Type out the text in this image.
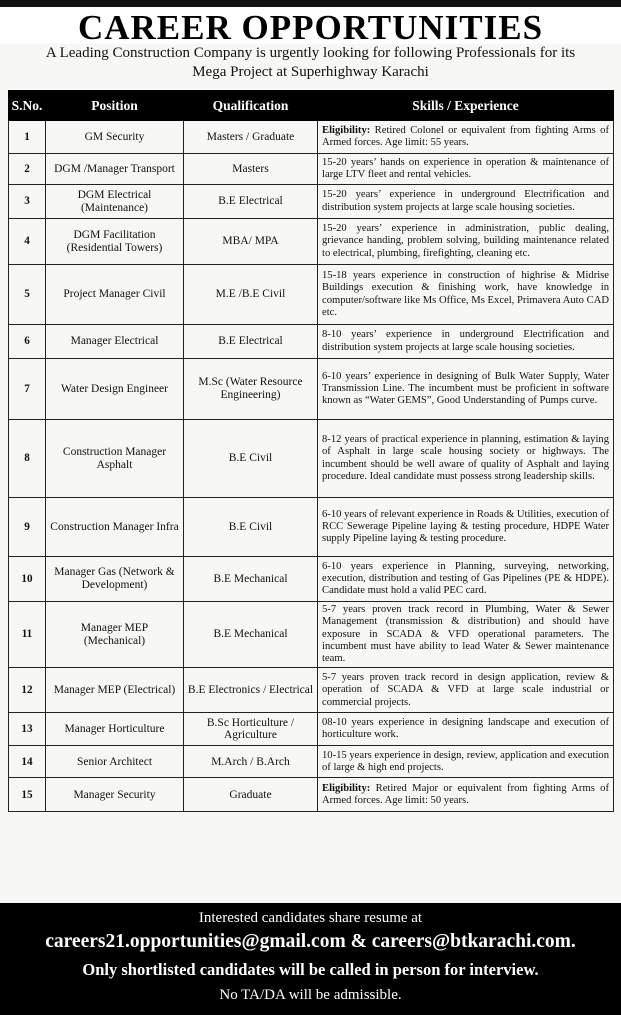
CAREER OPPORTUNITIES
A Leading Construction Company is urgently looking for following Professionals for its
Mega Project at Superhighway Karachi
S.No.	Position	Qualification	Skills / Experience
1	GM Security	Masters / Graduate	Eligibility: Retired Colonel or equivalent from fighting Arms of Armed forces. Age limit: 55 years.
2	DGM /Manager Transport	Masters	15-20 years’ hands on experience in operation & maintenance of large LTV fleet and rental vehicles.
3	DGM Electrical (Maintenance)	B.E Electrical	15-20 years’ experience in underground Electrification and distribution system projects at large scale housing societies.
4	DGM Facilitation (Residential Towers)	MBA/ MPA	15-20 years’ experience in administration, public dealing, grievance handing, problem solving, building maintenance related to electrical, plumbing, firefighting, cleaning etc.
5	Project Manager Civil	M.E /B.E Civil	15-18 years experience in construction of highrise & Midrise Buildings execution & finishing work, have knowledge in computer/software like Ms Office, Ms Excel, Primavera Auto CAD etc.
6	Manager Electrical	B.E Electrical	8-10 years’ experience in underground Electrification and distribution system projects at large scale housing societies.
7	Water Design Engineer	M.Sc (Water Resource Engineering)	6-10 years’ experience in designing of Bulk Water Supply, Water Transmission Line. The incumbent must be proficient in software known as “Water GEMS”, Good Understanding of Pumps curve.
8	Construction Manager Asphalt	B.E Civil	8-12 years of practical experience in planning, estimation & laying of Asphalt in large scale housing society or highways. The incumbent should be well aware of quality of Asphalt and laying procedure. Ideal candidate must possess strong leadership skills.
9	Construction Manager Infra	B.E Civil	6-10 years of relevant experience in Roads & Utilities, execution of RCC Sewerage Pipeline laying & testing procedure, HDPE Water supply Pipeline laying & testing procedure.
10	Manager Gas (Network & Development)	B.E Mechanical	6-10 years experience in Planning, surveying, networking, execution, distribution and testing of Gas Pipelines (PE & HDPE). Candidate must hold a valid PEC card.
11	Manager MEP (Mechanical)	B.E Mechanical	5-7 years proven track record in Plumbing, Water & Sewer Management (transmission & distribution) and should have exposure in SCADA & VFD operational parameters. The incumbent must have ability to lead Water & Sewer maintenance team.
12	Manager MEP (Electrical)	B.E Electronics / Electrical	5-7 years proven track record in design application, review & operation of SCADA & VFD at large scale industrial or commercial projects.
13	Manager Horticulture	B.Sc Horticulture / Agriculture	08-10 years experience in designing landscape and execution of horticulture work.
14	Senior Architect	M.Arch / B.Arch	10-15 years experience in design, review, application and execution of large & high end projects.
15	Manager Security	Graduate	Eligibility: Retired Major or equivalent from fighting Arms of Armed forces. Age limit: 50 years.
Interested candidates share resume at
careers21.opportunities@gmail.com & careers@btkarachi.com.
Only shortlisted candidates will be called in person for interview.
No TA/DA will be admissible.
